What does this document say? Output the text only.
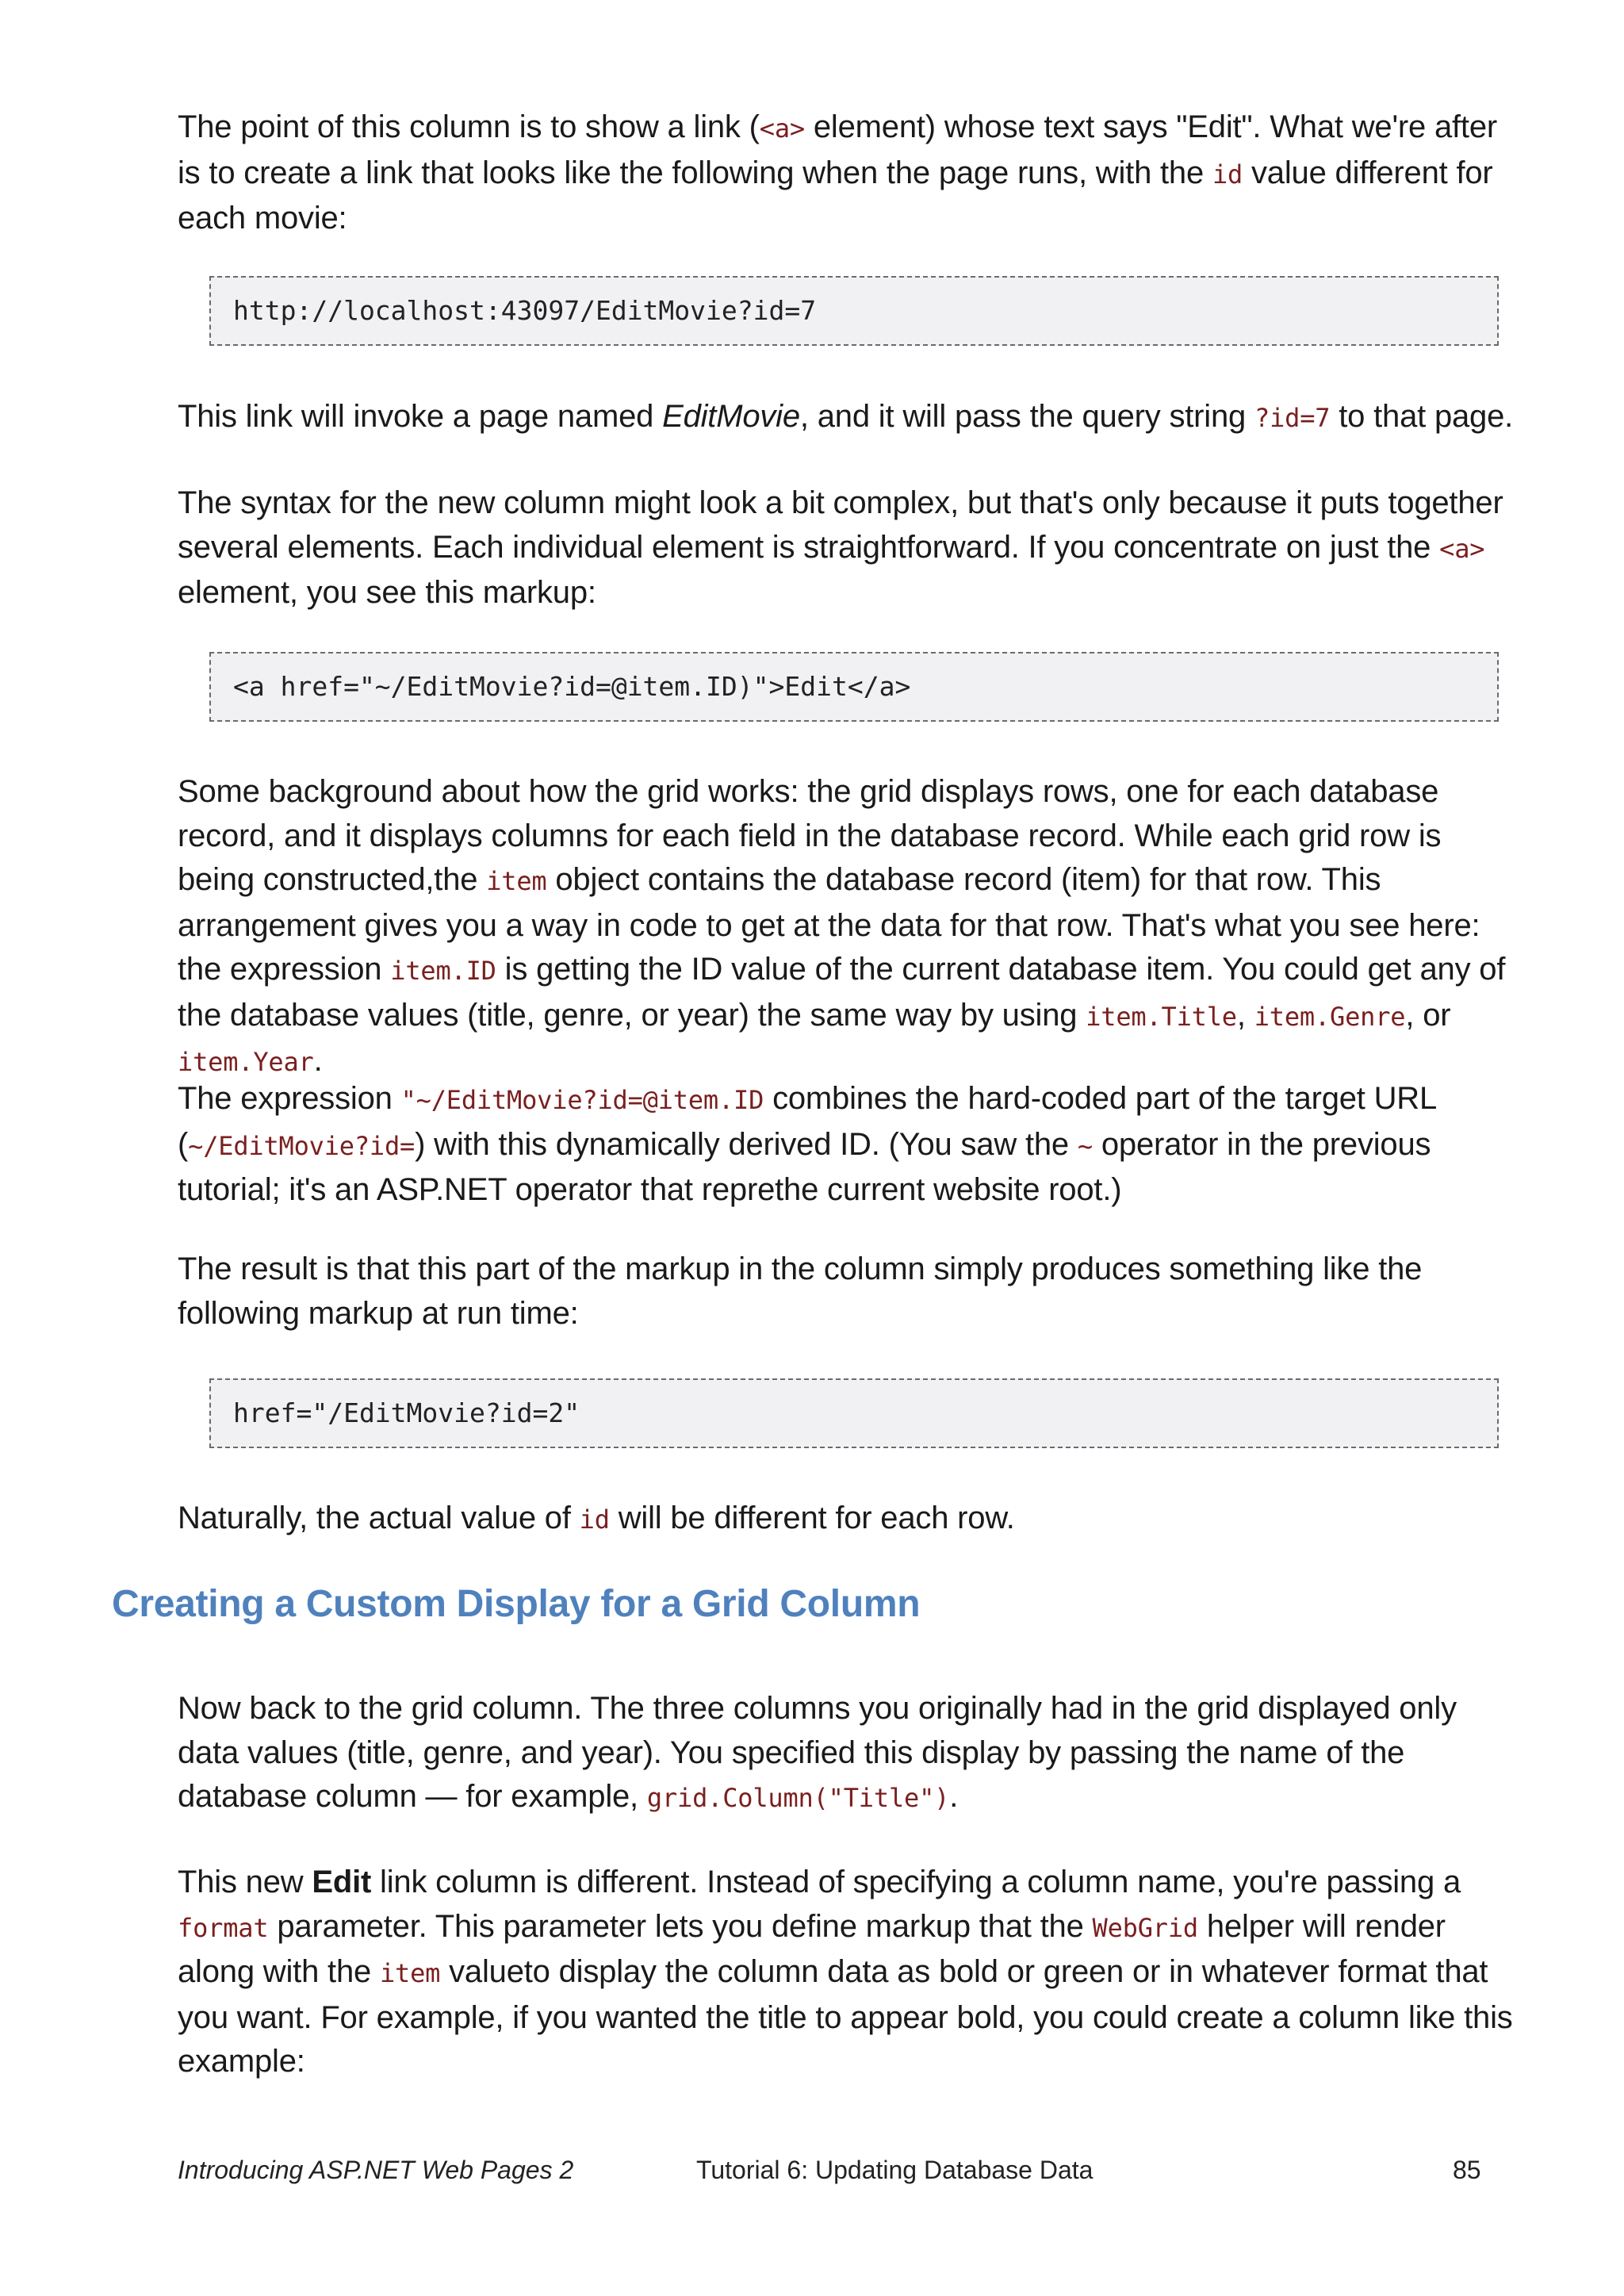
The point of this column is to show a link (<a> element) whose text says "Edit". What we're after is to create a link that looks like the following when the page runs, with the id value different for each movie:

http://localhost:43097/EditMovie?id=7

This link will invoke a page named EditMovie, and it will pass the query string ?id=7 to that page.

The syntax for the new column might look a bit complex, but that's only because it puts together several elements. Each individual element is straightforward. If you concentrate on just the <a> element, you see this markup:

<a href="~/EditMovie?id=@item.ID)">Edit</a>

Some background about how the grid works: the grid displays rows, one for each database record, and it displays columns for each field in the database record. While each grid row is being constructed,the item object contains the database record (item) for that row. This arrangement gives you a way in code to get at the data for that row. That's what you see here: the expression item.ID is getting the ID value of the current database item. You could get any of the database values (title, genre, or year) the same way by using item.Title, item.Genre, or item.Year.

The expression "~/EditMovie?id=@item.ID combines the hard-coded part of the target URL (~/EditMovie?id=) with this dynamically derived ID. (You saw the ~ operator in the previous tutorial; it's an ASP.NET operator that reprethe current website root.)

The result is that this part of the markup in the column simply produces something like the following markup at run time:

href="/EditMovie?id=2"

Naturally, the actual value of id will be different for each row.

Creating a Custom Display for a Grid Column

Now back to the grid column. The three columns you originally had in the grid displayed only data values (title, genre, and year). You specified this display by passing the name of the database column — for example, grid.Column("Title").

This new Edit link column is different. Instead of specifying a column name, you're passing a format parameter. This parameter lets you define markup that the WebGrid helper will render along with the item valueto display the column data as bold or green or in whatever format that you want. For example, if you wanted the title to appear bold, you could create a column like this example:

Introducing ASP.NET Web Pages 2	Tutorial 6: Updating Database Data	85
